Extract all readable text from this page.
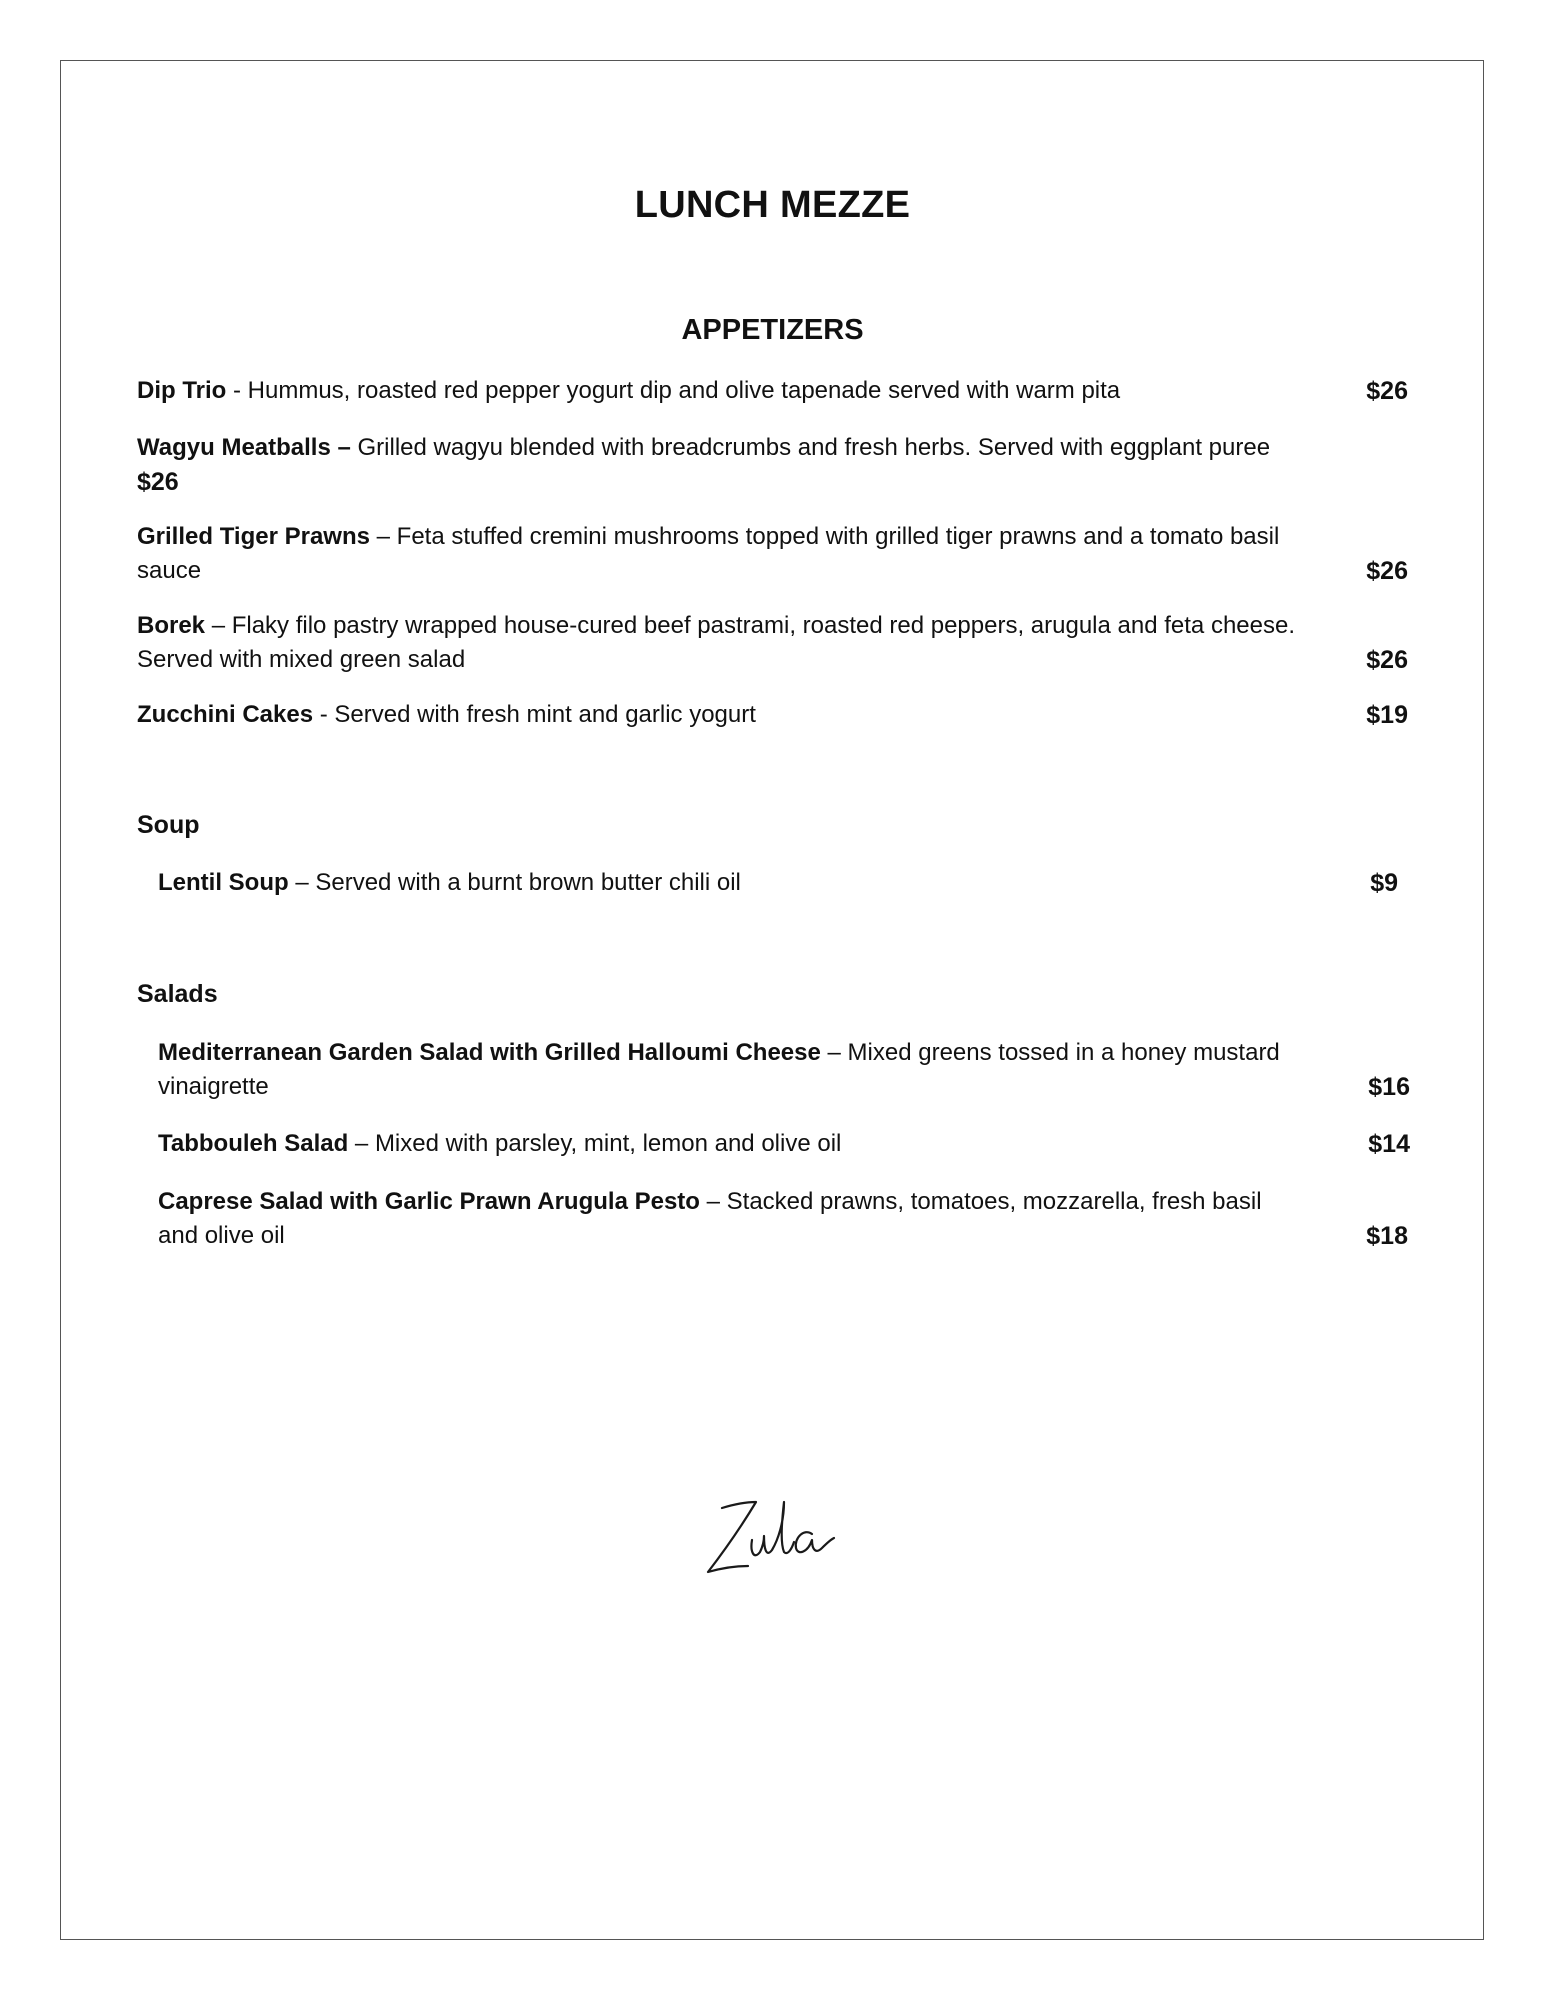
LUNCH MEZZE
APPETIZERS
Dip Trio - Hummus, roasted red pepper yogurt dip and olive tapenade served with warm pita	$26
Wagyu Meatballs – Grilled wagyu blended with breadcrumbs and fresh herbs. Served with eggplant puree
$26
Grilled Tiger Prawns – Feta stuffed cremini mushrooms topped with grilled tiger prawns and a tomato basil
sauce	$26
Borek – Flaky filo pastry wrapped house-cured beef pastrami, roasted red peppers, arugula and feta cheese.
Served with mixed green salad	$26
Zucchini Cakes - Served with fresh mint and garlic yogurt	$19
Soup
Lentil Soup – Served with a burnt brown butter chili oil	$9
Salads
Mediterranean Garden Salad with Grilled Halloumi Cheese – Mixed greens tossed in a honey mustard
vinaigrette	$16
Tabbouleh Salad – Mixed with parsley, mint, lemon and olive oil	$14
Caprese Salad with Garlic Prawn Arugula Pesto – Stacked prawns, tomatoes, mozzarella, fresh basil
and olive oil	$18
